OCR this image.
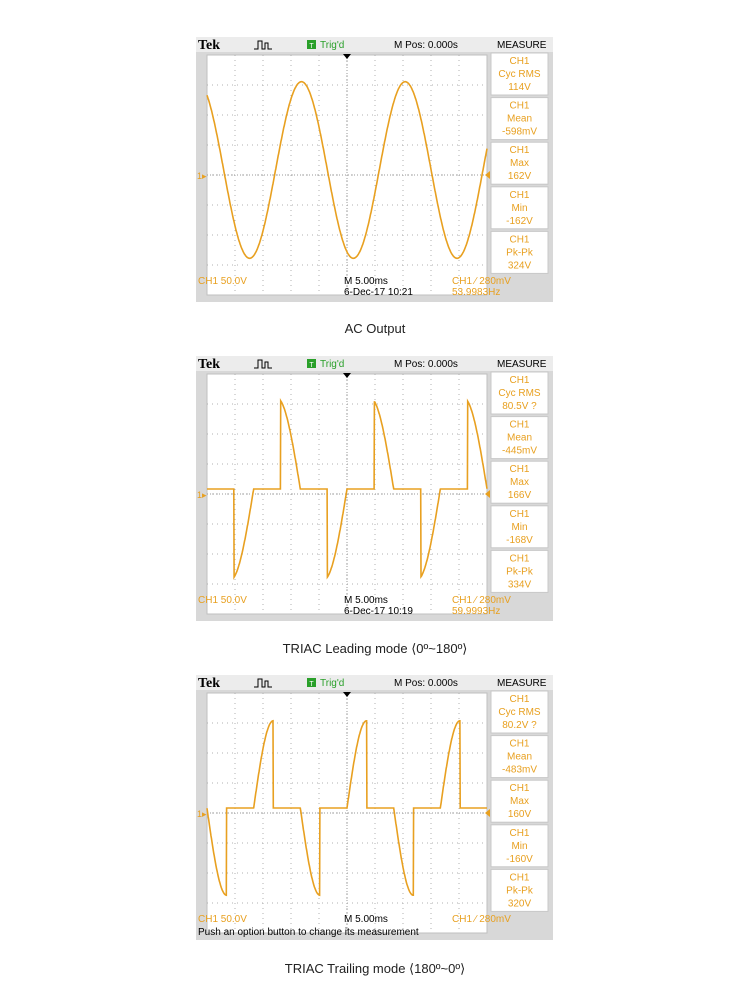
Tek	T Trig'd	M Pos: 0.000s	MEASURE
1▸
CH1
Cyc RMS
114V
CH1
Mean
-598mV
CH1
Max
162V
CH1
Min
-162V
CH1
Pk-Pk
324V
CH1 50.0V	M 5.00ms
6-Dec-17 10:21
CH1 ∕ 280mV
53.9983Hz
AC Output
Tek	T Trig'd	M Pos: 0.000s	MEASURE
1▸
CH1
Cyc RMS
80.5V ?
CH1
Mean
-445mV
CH1
Max
166V
CH1
Min
-168V
CH1
Pk-Pk
334V
CH1 50.0V	M 5.00ms
6-Dec-17 10:19
CH1 ∕ 280mV
59.9993Hz
TRIAC Leading mode ⟨0º~180º⟩
Tek	T Trig'd	M Pos: 0.000s	MEASURE
1▸
CH1
Cyc RMS
80.2V ?
CH1
Mean
-483mV
CH1
Max
160V
CH1
Min
-160V
CH1
Pk-Pk
320V
CH1 50.0V	M 5.00ms	CH1 ∕ 280mV
Push an option button to change its measurement
TRIAC Trailing mode ⟨180º~0º⟩
